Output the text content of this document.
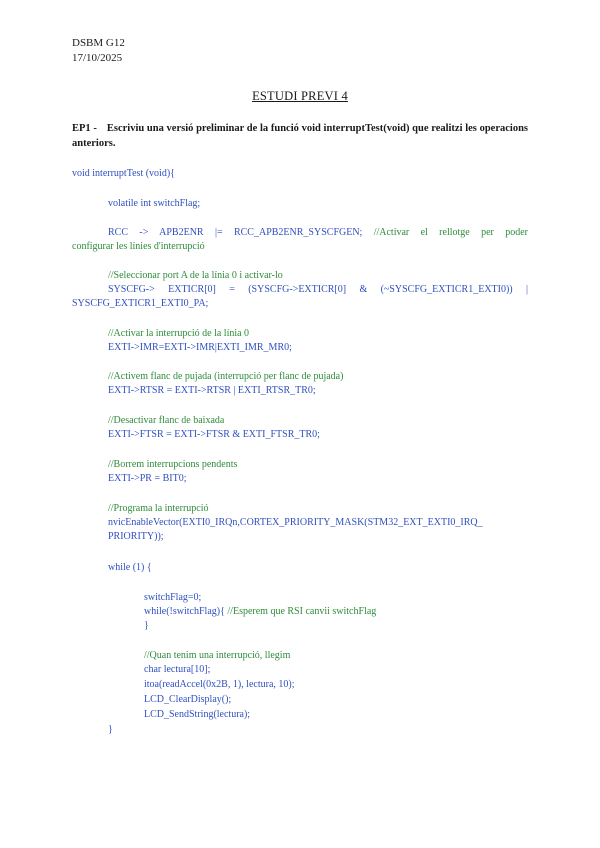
DSBM G12
17/10/2025
ESTUDI PREVI 4
EP1 - Escriviu una versió preliminar de la funció void interruptTest(void) que realitzi les operacions anteriors.
void interruptTest (void){
volatile int switchFlag;
RCC -> APB2ENR |= RCC_APB2ENR_SYSCFGEN; //Activar el rellotge per poder
configurar les línies d'interrupció
//Seleccionar port A de la línia 0 i activar-lo
SYSCFG-> EXTICR[0] = (SYSCFG->EXTICR[0] & (~SYSCFG_EXTICR1_EXTI0)) |
SYSCFG_EXTICR1_EXTI0_PA;
//Activar la interrupció de la línia 0
EXTI->IMR=EXTI->IMR|EXTI_IMR_MR0;
//Activem flanc de pujada (interrupció per flanc de pujada)
EXTI->RTSR = EXTI->RTSR | EXTI_RTSR_TR0;
//Desactivar flanc de baixada
EXTI->FTSR = EXTI->FTSR & EXTI_FTSR_TR0;
//Borrem interrupcions pendents
EXTI->PR = BIT0;
//Programa la interrupció
nvicEnableVector(EXTI0_IRQn,CORTEX_PRIORITY_MASK(STM32_EXT_EXTI0_IRQ_
PRIORITY));
while (1) {
switchFlag=0;
while(!switchFlag){ //Esperem que RSI canvii switchFlag
}
//Quan tenim una interrupció, llegim
char lectura[10];
itoa(readAccel(0x2B, 1), lectura, 10);
LCD_ClearDisplay();
LCD_SendString(lectura);
}
